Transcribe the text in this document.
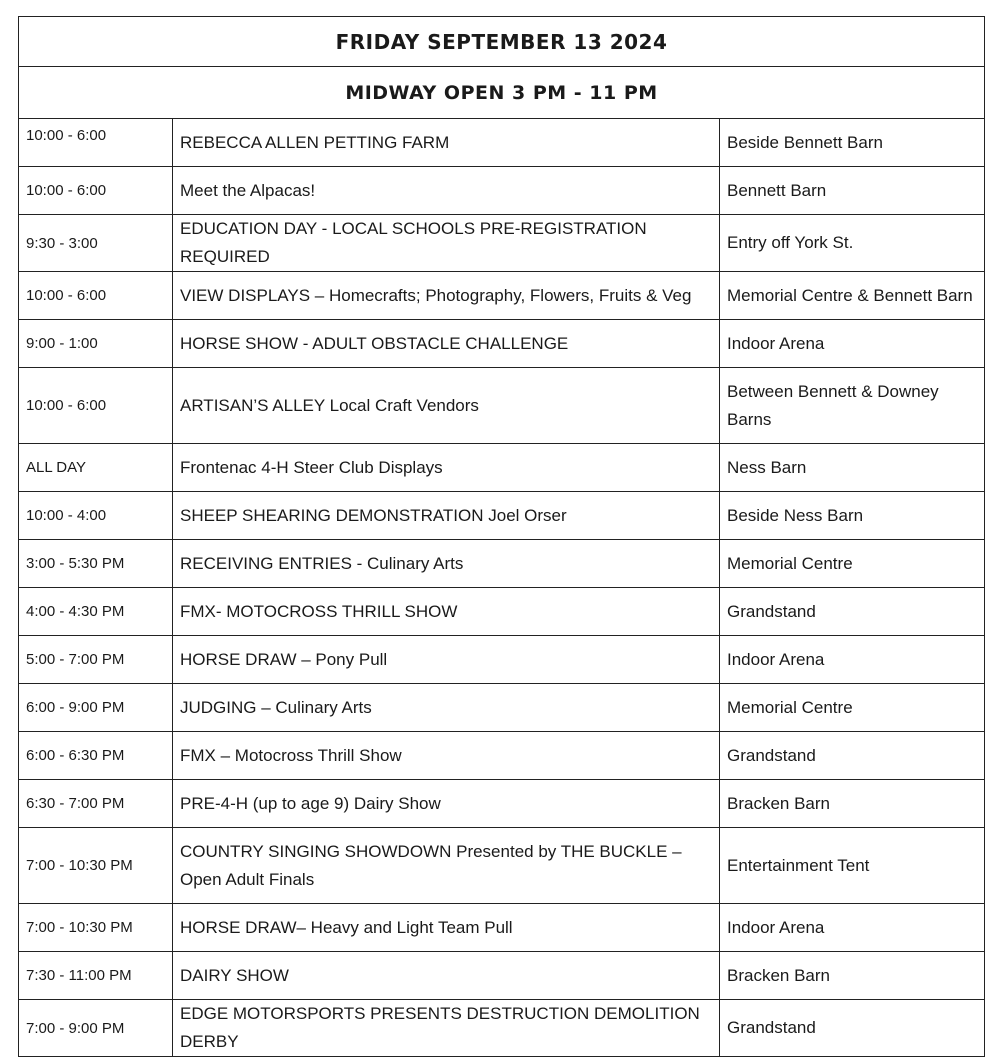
FRIDAY SEPTEMBER 13 2024		
MIDWAY OPEN 3 PM - 11 PM		
10:00 - 6:00	REBECCA ALLEN PETTING FARM	Beside Bennett Barn
10:00 - 6:00	Meet the Alpacas!	Bennett Barn
9:30 - 3:00	EDUCATION DAY - LOCAL SCHOOLS PRE-REGISTRATION REQUIRED	Entry off York St.
10:00 - 6:00	VIEW DISPLAYS – Homecrafts; Photography, Flowers, Fruits & Veg	Memorial Centre & Bennett Barn
9:00 - 1:00	HORSE SHOW - ADULT OBSTACLE CHALLENGE	Indoor Arena
10:00 - 6:00	ARTISAN’S ALLEY Local Craft Vendors	Between Bennett & Downey Barns
ALL DAY	Frontenac 4-H Steer Club Displays	Ness Barn
10:00 - 4:00	SHEEP SHEARING DEMONSTRATION Joel Orser	Beside Ness Barn
3:00 - 5:30 PM	RECEIVING ENTRIES - Culinary Arts	Memorial Centre
4:00 - 4:30 PM	FMX- MOTOCROSS THRILL SHOW	Grandstand
5:00 - 7:00 PM	HORSE DRAW – Pony Pull	Indoor Arena
6:00 - 9:00 PM	JUDGING – Culinary Arts	Memorial Centre
6:00 - 6:30 PM	FMX – Motocross Thrill Show	Grandstand
6:30 - 7:00 PM	PRE-4-H (up to age 9) Dairy Show	Bracken Barn
7:00 - 10:30 PM	COUNTRY SINGING SHOWDOWN Presented by THE BUCKLE – Open Adult Finals	Entertainment Tent
7:00 - 10:30 PM	HORSE DRAW– Heavy and Light Team Pull	Indoor Arena
7:30 - 11:00 PM	DAIRY SHOW	Bracken Barn
7:00 - 9:00 PM	EDGE MOTORSPORTS PRESENTS DESTRUCTION DEMOLITION DERBY	Grandstand
